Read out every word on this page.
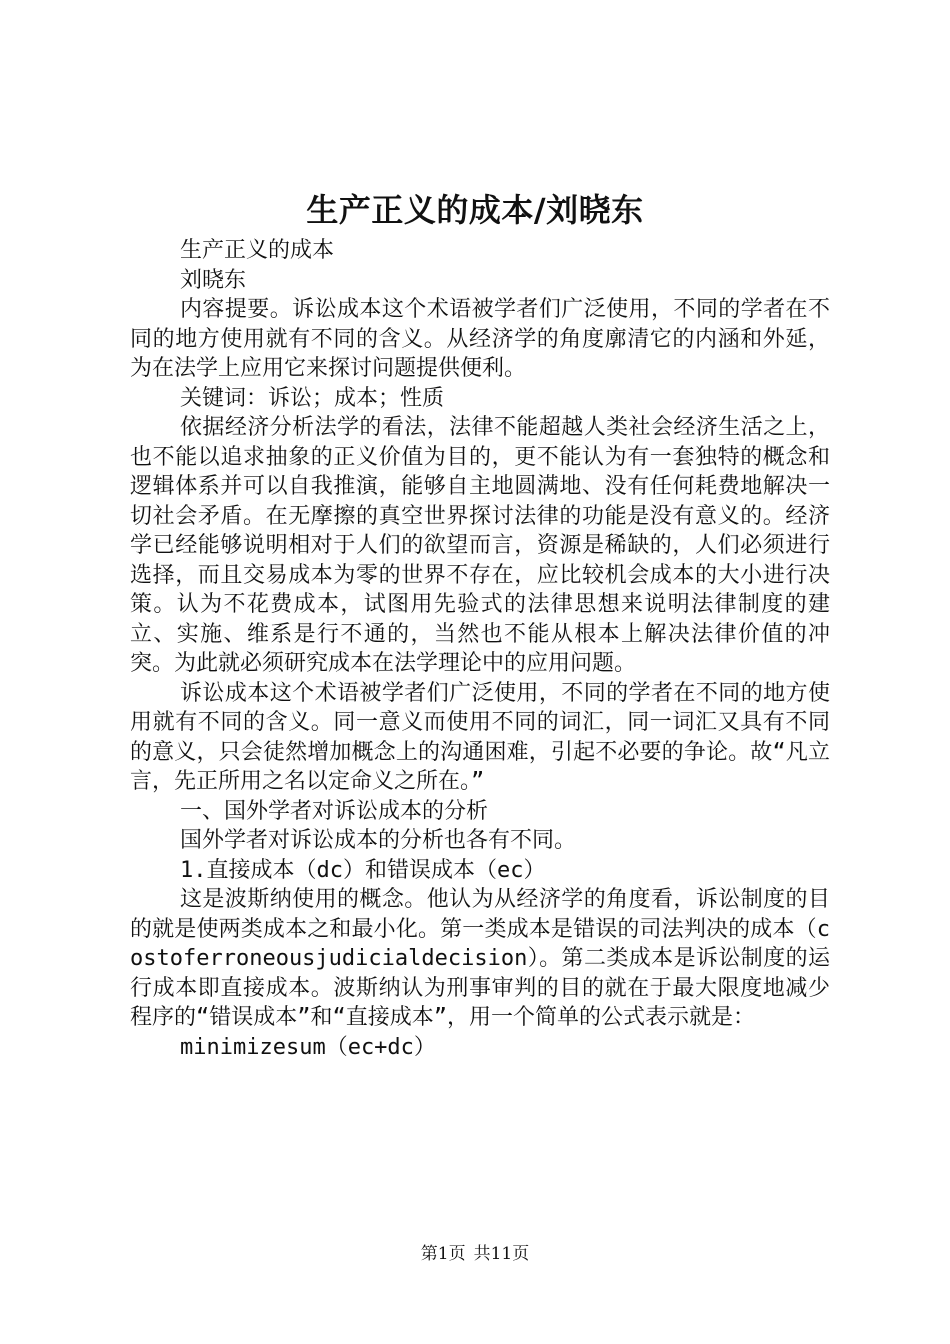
生产正义的成本/刘晓东

生产正义的成本

刘晓东

内容提要。诉讼成本这个术语被学者们广泛使用，不同的学者在不同的地方使用就有不同的含义。从经济学的角度廓清它的内涵和外延，为在法学上应用它来探讨问题提供便利。

关键词：诉讼；成本；性质

依据经济分析法学的看法，法律不能超越人类社会经济生活之上，也不能以追求抽象的正义价值为目的，更不能认为有一套独特的概念和逻辑体系并可以自我推演，能够自主地圆满地、没有任何耗费地解决一切社会矛盾。在无摩擦的真空世界探讨法律的功能是没有意义的。经济学已经能够说明相对于人们的欲望而言，资源是稀缺的，人们必须进行选择，而且交易成本为零的世界不存在，应比较机会成本的大小进行决策。认为不花费成本，试图用先验式的法律思想来说明法律制度的建立、实施、维系是行不通的，当然也不能从根本上解决法律价值的冲突。为此就必须研究成本在法学理论中的应用问题。

诉讼成本这个术语被学者们广泛使用，不同的学者在不同的地方使用就有不同的含义。同一意义而使用不同的词汇，同一词汇又具有不同的意义，只会徒然增加概念上的沟通困难，引起不必要的争论。故“凡立言，先正所用之名以定命义之所在。”

一、国外学者对诉讼成本的分析

国外学者对诉讼成本的分析也各有不同。

1.直接成本（dc）和错误成本（ec）

这是波斯纳使用的概念。他认为从经济学的角度看，诉讼制度的目的就是使两类成本之和最小化。第一类成本是错误的司法判决的成本（costoferroneousjudicialdecision）。第二类成本是诉讼制度的运行成本即直接成本。波斯纳认为刑事审判的目的就在于最大限度地减少程序的“错误成本”和“直接成本”，用一个简单的公式表示就是：

minimizesum（ec+dc）

第1页 共11页
